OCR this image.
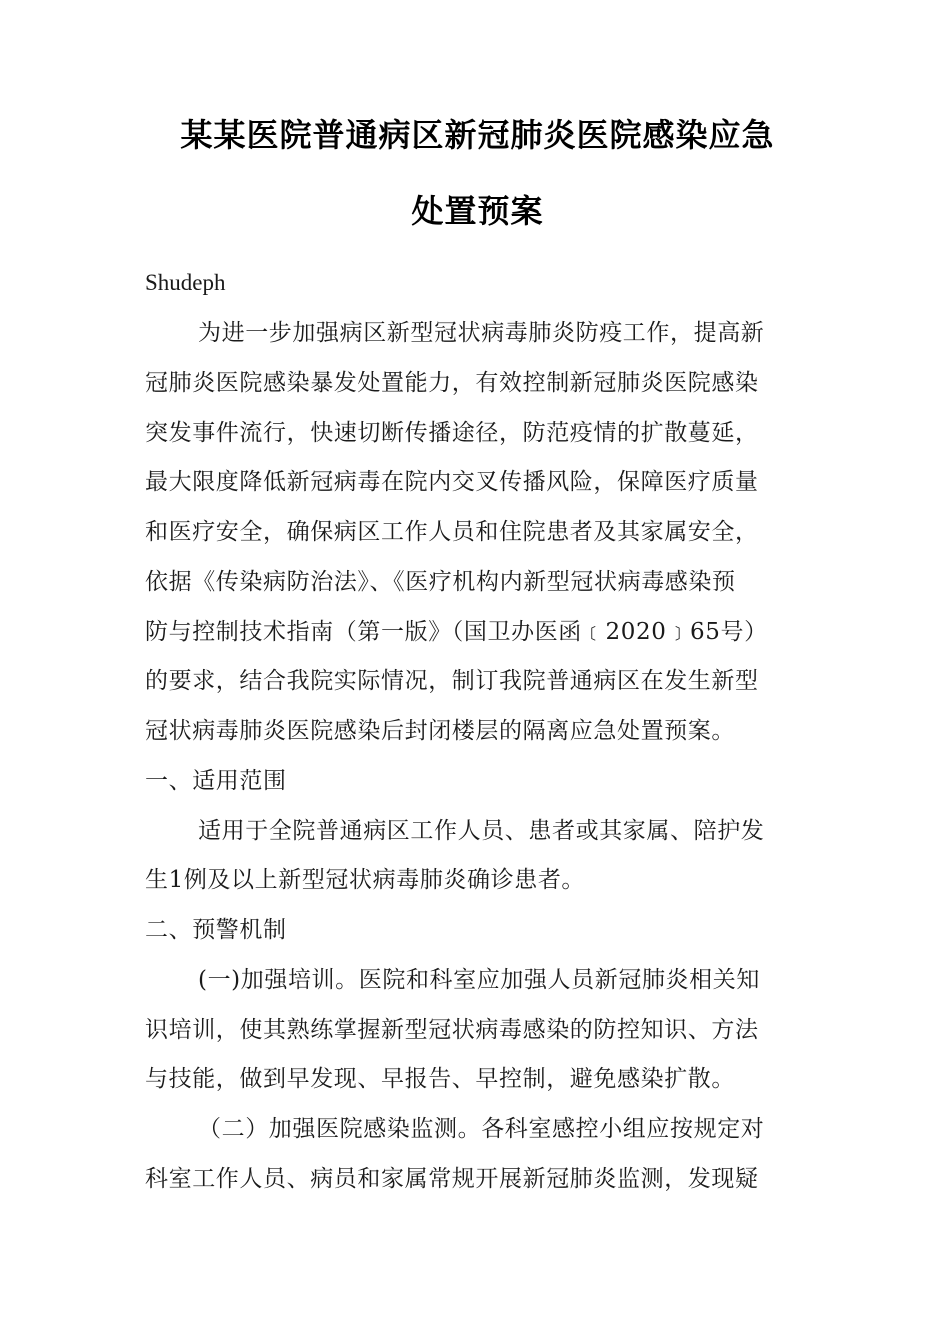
某某医院普通病区新冠肺炎医院感染应急
处置预案
Shudeph
为进一步加强病区新型冠状病毒肺炎防疫工作，提高新
冠肺炎医院感染暴发处置能力，有效控制新冠肺炎医院感染
突发事件流行，快速切断传播途径，防范疫情的扩散蔓延，
最大限度降低新冠病毒在院内交叉传播风险，保障医疗质量
和医疗安全，确保病区工作人员和住院患者及其家属安全，
依据《传染病防治法》、《医疗机构内新型冠状病毒感染预
防与控制技术指南（第一版》（国卫办医函﹝2020﹞65号）
的要求，结合我院实际情况，制订我院普通病区在发生新型
冠状病毒肺炎医院感染后封闭楼层的隔离应急处置预案。
一、适用范围
适用于全院普通病区工作人员、患者或其家属、陪护发
生1例及以上新型冠状病毒肺炎确诊患者。
二、预警机制
(一)加强培训。医院和科室应加强人员新冠肺炎相关知
识培训，使其熟练掌握新型冠状病毒感染的防控知识、方法
与技能，做到早发现、早报告、早控制，避免感染扩散。
（二）加强医院感染监测。各科室感控小组应按规定对
科室工作人员、病员和家属常规开展新冠肺炎监测，发现疑
